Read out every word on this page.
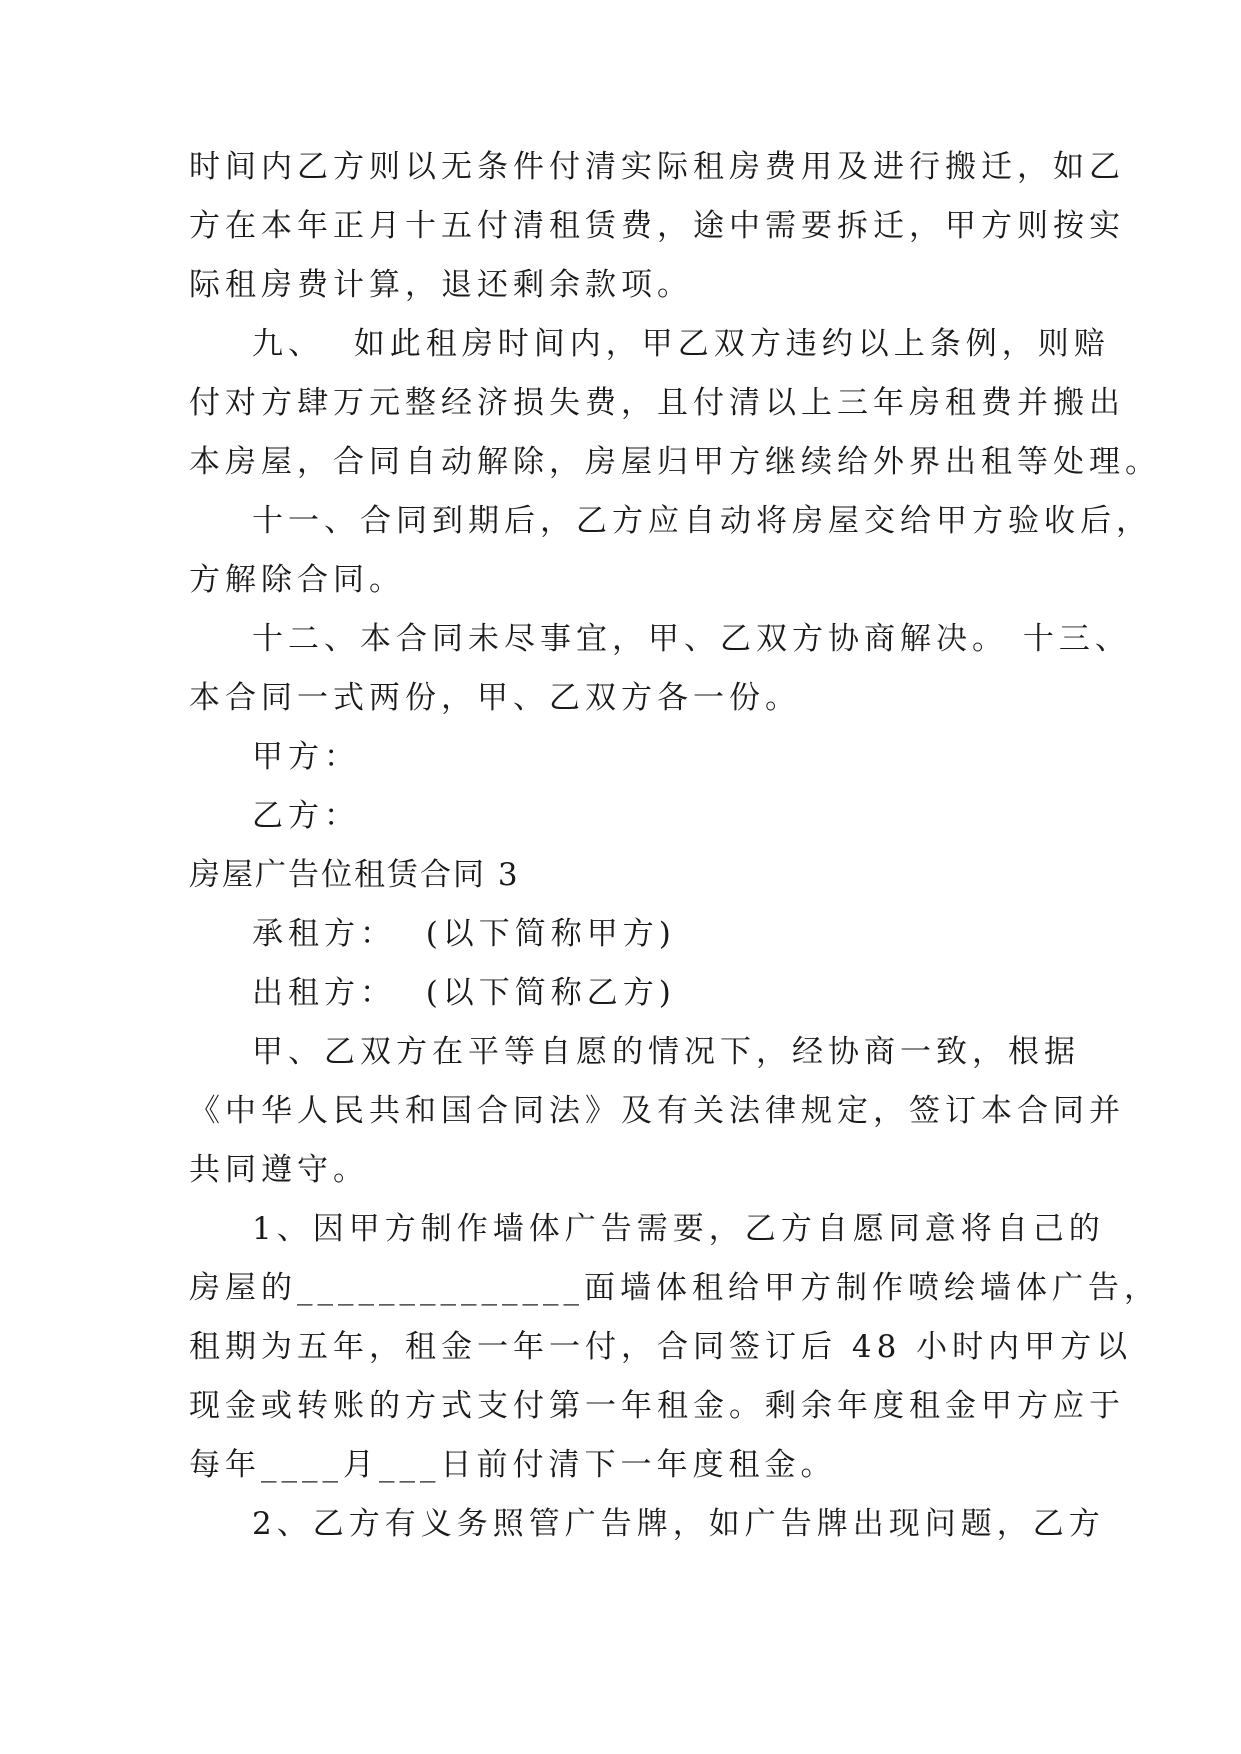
时间内乙方则以无条件付清实际租房费用及进行搬迁，如乙
方在本年正月十五付清租赁费，途中需要拆迁，甲方则按实
际租房费计算，退还剩余款项。
九、  如此租房时间内，甲乙双方违约以上条例，则赔
付对方肆万元整经济损失费，且付清以上三年房租费并搬出
本房屋，合同自动解除，房屋归甲方继续给外界出租等处理。
十一、合同到期后，乙方应自动将房屋交给甲方验收后，
方解除合同。
十二、本合同未尽事宜，甲、乙双方协商解决。 十三、
本合同一式两份，甲、乙双方各一份。
甲方：
乙方：
房屋广告位租赁合同 3
承租方：  (以下简称甲方)
出租方：  (以下简称乙方)
甲、乙双方在平等自愿的情况下，经协商一致，根据
《中华人民共和国合同法》及有关法律规定，签订本合同并
共同遵守。
1、因甲方制作墙体广告需要，乙方自愿同意将自己的
房屋的______________面墙体租给甲方制作喷绘墙体广告，
租期为五年，租金一年一付，合同签订后 48 小时内甲方以
现金或转账的方式支付第一年租金。剩余年度租金甲方应于
每年____月___日前付清下一年度租金。
2、乙方有义务照管广告牌，如广告牌出现问题，乙方
